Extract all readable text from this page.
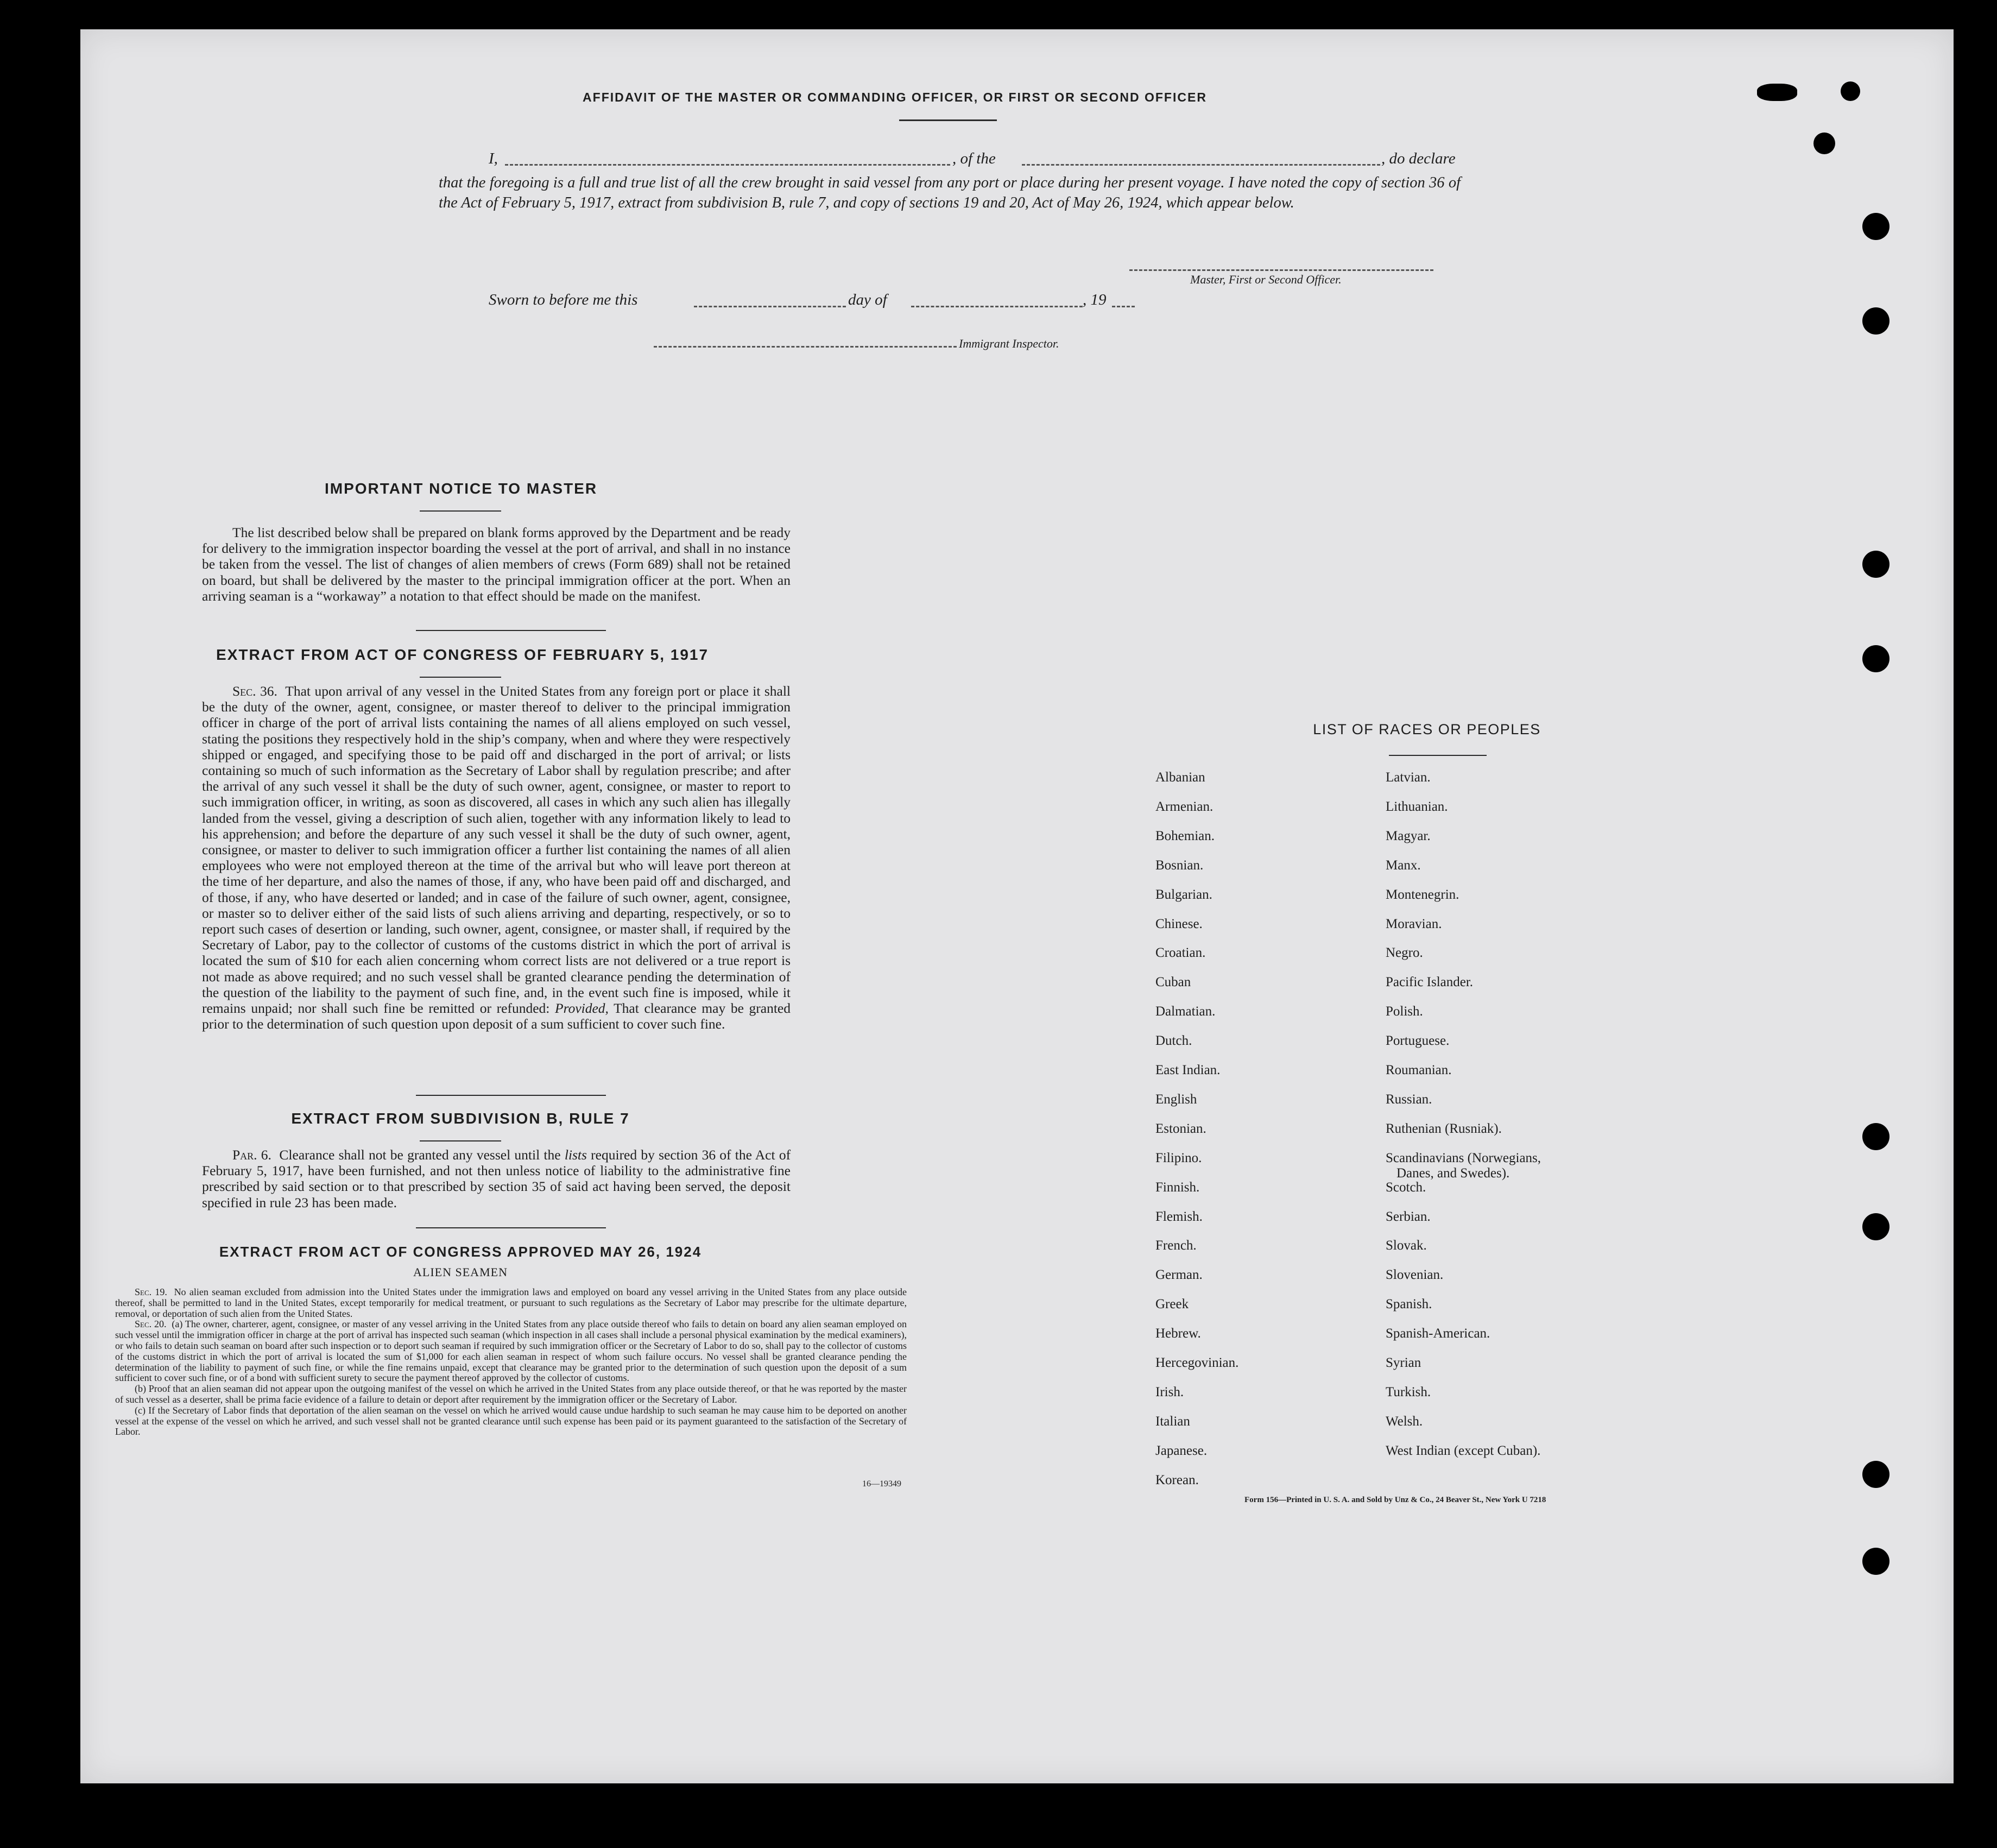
AFFIDAVIT OF THE MASTER OR COMMANDING OFFICER, OR FIRST OR SECOND OFFICER
I,	, of the	, do declare
that the foregoing is a full and true list of all the crew brought in said vessel from any port or place during her present voyage. I have noted the copy of section 36 of the Act of February 5, 1917, extract from subdivision B, rule 7, and copy of sections 19 and 20, Act of May 26, 1924, which appear below.
Master, First or Second Officer.
Sworn to before me this	day of	, 19
Immigrant Inspector.
IMPORTANT NOTICE TO MASTER

The list described below shall be prepared on blank forms approved by the Department and be ready for delivery to the immigration inspector boarding the vessel at the port of arrival, and shall in no instance be taken from the vessel. The list of changes of alien members of crews (Form 689) shall not be retained on board, but shall be delivered by the master to the principal immigration officer at the port. When an arriving seaman is a “workaway” a notation to that effect should be made on the manifest.

EXTRACT FROM ACT OF CONGRESS OF FEBRUARY 5, 1917

Sec. 36. That upon arrival of any vessel in the United States from any foreign port or place it shall be the duty of the owner, agent, consignee, or master thereof to deliver to the principal immigration officer in charge of the port of arrival lists containing the names of all aliens employed on such vessel, stating the positions they respectively hold in the ship’s company, when and where they were respectively shipped or engaged, and specifying those to be paid off and discharged in the port of arrival; or lists containing so much of such information as the Secretary of Labor shall by regulation prescribe; and after the arrival of any such vessel it shall be the duty of such owner, agent, consignee, or master to report to such immigration officer, in writing, as soon as discovered, all cases in which any such alien has illegally landed from the vessel, giving a description of such alien, together with any information likely to lead to his apprehension; and before the departure of any such vessel it shall be the duty of such owner, agent, consignee, or master to deliver to such immigration officer a further list containing the names of all alien employees who were not employed thereon at the time of the arrival but who will leave port thereon at the time of her departure, and also the names of those, if any, who have been paid off and discharged, and of those, if any, who have deserted or landed; and in case of the failure of such owner, agent, consignee, or master so to deliver either of the said lists of such aliens arriving and departing, respectively, or so to report such cases of desertion or landing, such owner, agent, consignee, or master shall, if required by the Secretary of Labor, pay to the collector of customs of the customs district in which the port of arrival is located the sum of $10 for each alien concerning whom correct lists are not delivered or a true report is not made as above required; and no such vessel shall be granted clearance pending the determination of the question of the liability to the payment of such fine, and, in the event such fine is imposed, while it remains unpaid; nor shall such fine be remitted or refunded: Provided, That clearance may be granted prior to the determination of such question upon deposit of a sum sufficient to cover such fine.

EXTRACT FROM SUBDIVISION B, RULE 7

Par. 6. Clearance shall not be granted any vessel until the lists required by section 36 of the Act of February 5, 1917, have been furnished, and not then unless notice of liability to the administrative fine prescribed by said section or to that prescribed by section 35 of said act having been served, the deposit specified in rule 23 has been made.

EXTRACT FROM ACT OF CONGRESS APPROVED MAY 26, 1924
ALIEN SEAMEN

Sec. 19. No alien seaman excluded from admission into the United States under the immigration laws and employed on board any vessel arriving in the United States from any place outside thereof, shall be permitted to land in the United States, except temporarily for medical treatment, or pursuant to such regulations as the Secretary of Labor may prescribe for the ultimate departure, removal, or deportation of such alien from the United States.

Sec. 20. (a) The owner, charterer, agent, consignee, or master of any vessel arriving in the United States from any place outside thereof who fails to detain on board any alien seaman employed on such vessel until the immigration officer in charge at the port of arrival has inspected such seaman (which inspection in all cases shall include a personal physical examination by the medical examiners), or who fails to detain such seaman on board after such inspection or to deport such seaman if required by such immigration officer or the Secretary of Labor to do so, shall pay to the collector of customs of the customs district in which the port of arrival is located the sum of $1,000 for each alien seaman in respect of whom such failure occurs. No vessel shall be granted clearance pending the determination of the liability to payment of such fine, or while the fine remains unpaid, except that clearance may be granted prior to the determination of such question upon the deposit of a sum sufficient to cover such fine, or of a bond with sufficient surety to secure the payment thereof approved by the collector of customs.

(b) Proof that an alien seaman did not appear upon the outgoing manifest of the vessel on which he arrived in the United States from any place outside thereof, or that he was reported by the master of such vessel as a deserter, shall be prima facie evidence of a failure to detain or deport after requirement by the immigration officer or the Secretary of Labor.

(c) If the Secretary of Labor finds that deportation of the alien seaman on the vessel on which he arrived would cause undue hardship to such seaman he may cause him to be deported on another vessel at the expense of the vessel on which he arrived, and such vessel shall not be granted clearance until such expense has been paid or its payment guaranteed to the satisfaction of the Secretary of Labor.

16—19349
LIST OF RACES OR PEOPLES
Albanian
Armenian.
Bohemian.
Bosnian.
Bulgarian.
Chinese.
Croatian.
Cuban
Dalmatian.
Dutch.
East Indian.
English
Estonian.
Filipino.
Finnish.
Flemish.
French.
German.
Greek
Hebrew.
Hercegovinian.
Irish.
Italian
Japanese.
Korean.
Latvian.
Lithuanian.
Magyar.
Manx.
Montenegrin.
Moravian.
Negro.
Pacific Islander.
Polish.
Portuguese.
Roumanian.
Russian.
Ruthenian (Rusniak).
Scandinavians (Norwegians,
Danes, and Swedes).
Scotch.
Serbian.
Slovak.
Slovenian.
Spanish.
Spanish-American.
Syrian
Turkish.
Welsh.
West Indian (except Cuban).
Form 156—Printed in U. S. A. and Sold by Unz & Co., 24 Beaver St., New York U 7218
